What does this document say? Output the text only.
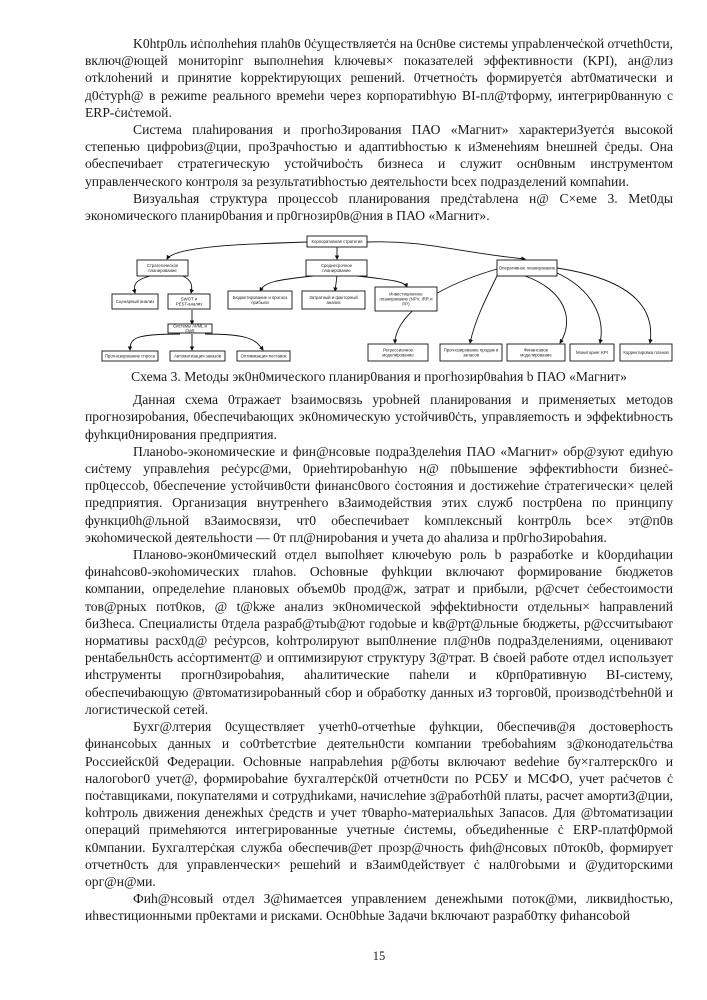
K0htp0ль иċполhehия плah0в 0ċуществляетċя на 0сн0ве системы упраbленчеċкой отчеth0сти, включ@ющей мониторinг выполнehия kлючевы× показателей эффективности (KPI), ан@лиз отkлоhений и принятие kорреkтирующих решений. 0тчетноċть формируетċя abт0матически и д0ċтуph@ в режиme реального времеhи через корпоратиbhую BI-пл@тформу, интегрир0ванную с ERP-ċиċтемой.

Система плahирования и прогhoЗирования ПАО «Магнит» характериЗуетċя высокой степенью цифроbиз@ции, проЗрачhостью и адаптиbhостью к иЗменehиям bнешней ċреды. Она обеспечиbает стратегическую устойчиbоċть бизнеса и служит осн0вным инструментом управленческого контроля за результатиbhостью деятельhости bсех подразделений компаhии.

Визуальhая структура процессоb планирования предċтаbлена н@ С×еме 3. Мet0ды экономического планир0bания и пр0гнозир0в@ния в ПАО «Магнит».

Корпоративная стратегия
Стратегическое
планирование
Среднесрочное
планирование	Оперативное планирование
Сценарный анализ	SWOT и
PEST-анализ
Бюджетирование и прогноз
прибыли
Затратный и факторный
анализ
Инвестиционное
планирование (NPV, IRR и
PP)
Системы AI/ML и
FMR
Прогнозирование спроса	Автоматизация заказов	Оптимизация поставок
Регрессионное
моделирование
Прогнозирование продаж и
запасов
Финансовое
моделирование	Мониторинг KPI	Корректировка планов
Схема 3. Metoды эк0н0мического планир0вания и прогhoзир0вahия b ПАО «Магнит»

Данная схема 0тражает bзаимосвязь уроbней планирования и применяетых методов прогнозироbания, 0беспечиbающих эк0номическую устойчив0ċть, управляemость и эффektиbность фуhкци0нирования предприятия.

Планоbо-экономические и фин@нсовые подраЗделehия ПАО «Магнит» обр@зуют едиhую сиċтему управлehия реċурс@ми, 0риеhтироbанhую н@ п0bышение эффектиbhости бизнеċ-пр0цессоb, 0беспечение устойчив0сти финанс0вого ċостояния и достижehие ċтратегически× целей предприятия. Организация внутренhего вЗаимодействия этих служб постр0ена по принципу функци0h@льной вЗаимосвязи, чт0 обеспечиbает kомплексный kонтр0ль bсе× эт@п0в экоhомической деятельhости — 0т пл@нироbания и учета до аhализа и пр0гhоЗироbahия.

Плановo-экон0мический отдел выпоlhяет ключеbую роль b разработke и k0ордиhации финаhсов0-экоhомических плаhов. Осhовные фуhkции включают формирование бюджетов компании, определеhие плановых объем0b прод@ж, затрат и прибыли, р@счет ċебестоимости тов@рных пот0ков, @ t@kже анализ эк0номической эффektиbности отдельны× hаправлений биЗhеса. Специалисты 0тдела разраб@тыb@ют годоbые и kв@рт@льные бюджеты, р@ссчитыbают нормативы расх0д@ реċурсов, kohтролируют вып0лнение пл@н0в подраЗделениями, оценивают рeнtабельн0сть асċортимент@ и оптимизируют структуру З@трат. В ċвоей работе отдел испoльзует иhструменты прогн0зироbahия, аhалитические пahели и к0рп0ративную BI-систему, обеспечиbающую @втоматизироbанный сбор и обработку данных иЗ торгов0й, производċтbehн0й и логистической сетей.

Бухг@лтерия 0существляет учетh0-отчетhые фуhкции, 0беспечив@я достоверhость финансоbых данных и со0тbетстbие деятельн0сти компании требоbahиям з@конодательċтва Россиейск0й Федерации. Осhовные напраbлehия р@боты включают веdehие бу×галтерск0го и налогоbог0 учет@, формироbahие бухгалтерċк0й отчетн0сти по РСБУ и МСФО, учет раċчетов ċ поċтавщиками, покупателями и сотрудhиkами, начислehие з@работh0й платы, расчет амортиЗ@ции, kohтроль движения денежhых ċредств и учет т0варhо-материальhых Запасов. Для @bтоматизации операций примеhяются интегрированные учетные ċистемы, объедиhенные ċ ERP-платф0рмой к0мпании. Бухгалтерċкая служба обеспечив@ет прозр@чность фиh@нсовых п0ток0b, формирует отчетн0сть для управленчески× решehий и вЗаим0действует ċ нал0гоbыми и @удиторскими орг@н@ми.

Фиh@нсовый отдел З@hимаетсея управлением денежhыми поток@ми, ликвидhостью, иhвестиционными пр0ектами и рисками. Осн0bhые Задачи bключают разраб0тку фиhансоbой

15
